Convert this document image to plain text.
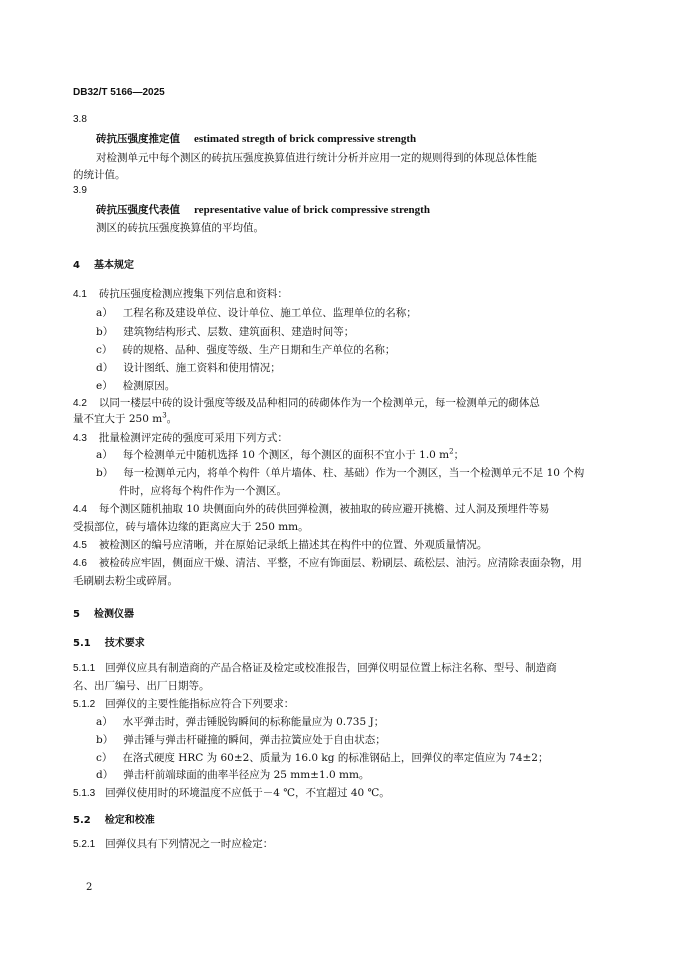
DB32/T 5166—2025
3.8
砖抗压强度推定值 estimated stregth of brick compressive strength
对检测单元中每个测区的砖抗压强度换算值进行统计分析并应用一定的规则得到的体现总体性能
的统计值。
3.9
砖抗压强度代表值 representative value of brick compressive strength
测区的砖抗压强度换算值的平均值。
4 基本规定
4.1 砖抗压强度检测应搜集下列信息和资料：
a） 工程名称及建设单位、设计单位、施工单位、监理单位的名称；
b） 建筑物结构形式、层数、建筑面积、建造时间等；
c） 砖的规格、品种、强度等级、生产日期和生产单位的名称；
d） 设计图纸、施工资料和使用情况；
e） 检测原因。
4.2 以同一楼层中砖的设计强度等级及品种相同的砖砌体作为一个检测单元，每一检测单元的砌体总
量不宜大于 250 $m^3$。
4.3 批量检测评定砖的强度可采用下列方式：
a） 每个检测单元中随机选择 10 个测区，每个测区的面积不宜小于 1.0 $m^2$；
b） 每一检测单元内，将单个构件（单片墙体、柱、基础）作为一个测区，当一个检测单元不足 10 个构
件时，应将每个构件作为一个测区。
4.4 每个测区随机抽取 10 块侧面向外的砖供回弹检测，被抽取的砖应避开挑檐、过人洞及预埋件等易
受损部位，砖与墙体边缘的距离应大于 250 mm。
4.5 被检测区的编号应清晰，并在原始记录纸上描述其在构件中的位置、外观质量情况。
4.6 被检砖应牢固，侧面应干燥、清洁、平整，不应有饰面层、粉刷层、疏松层、油污。应清除表面杂物，用
毛刷刷去粉尘或碎屑。
5 检测仪器
5.1 技术要求
5.1.1 回弹仪应具有制造商的产品合格证及检定或校准报告，回弹仪明显位置上标注名称、型号、制造商
名、出厂编号、出厂日期等。
5.1.2 回弹仪的主要性能指标应符合下列要求：
a） 水平弹击时，弹击锤脱钩瞬间的标称能量应为 0.735 J；
b） 弹击锤与弹击杆碰撞的瞬间，弹击拉簧应处于自由状态；
c） 在洛式硬度 HRC 为 60±2、质量为 16.0 kg 的标准钢砧上，回弹仪的率定值应为 74±2；
d） 弹击杆前端球面的曲率半径应为 25 mm±1.0 mm。
5.1.3 回弹仪使用时的环境温度不应低于－4 ℃，不宜超过 40 ℃。
5.2 检定和校准
5.2.1 回弹仪具有下列情况之一时应检定：
2
